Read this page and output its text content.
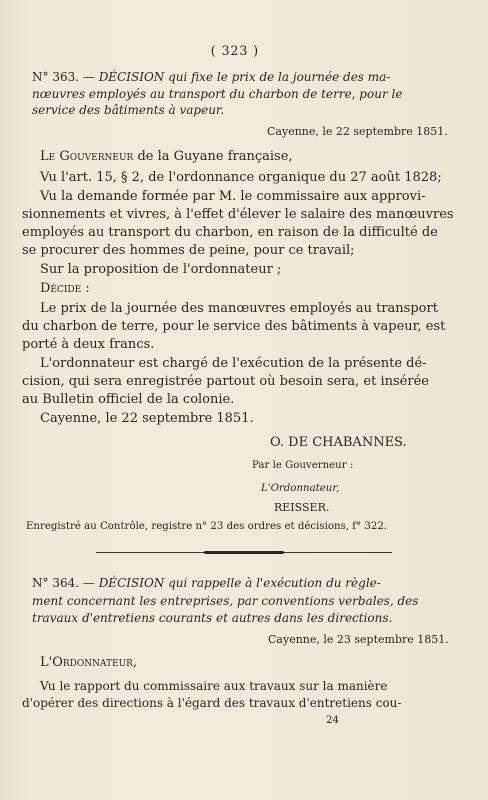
( 323 )
N° 363. — DÉCISION qui fixe le prix de la journée des ma-
nœuvres employés au transport du charbon de terre, pour le
service des bâtiments à vapeur.
Cayenne, le 22 septembre 1851.
Le Gouverneur de la Guyane française,
Vu l'art. 15, § 2, de l'ordonnance organique du 27 août 1828;
Vu la demande formée par M. le commissaire aux approvi-
sionnements et vivres, à l'effet d'élever le salaire des manœuvres
employés au transport du charbon, en raison de la difficulté de
se procurer des hommes de peine, pour ce travail;
Sur la proposition de l'ordonnateur ;
Décide :
Le prix de la journée des manœuvres employés au transport
du charbon de terre, pour le service des bâtiments à vapeur, est
porté à deux francs.
L'ordonnateur est chargé de l'exécution de la présente dé-
cision, qui sera enregistrée partout où besoin sera, et insérée
au Bulletin officiel de la colonie.
Cayenne, le 22 septembre 1851.
O. DE CHABANNES.
Par le Gouverneur :
L'Ordonnateur,
REISSER.
Enregistré au Contrôle, registre n° 23 des ordres et décisions, f° 322.
N° 364. — DÉCISION qui rappelle à l'exécution du règle-
ment concernant les entreprises, par conventions verbales, des
travaux d'entretiens courants et autres dans les directions.
Cayenne, le 23 septembre 1851.
L'Ordonnateur,
Vu le rapport du commissaire aux travaux sur la manière
d'opérer des directions à l'égard des travaux d'entretiens cou-
24
